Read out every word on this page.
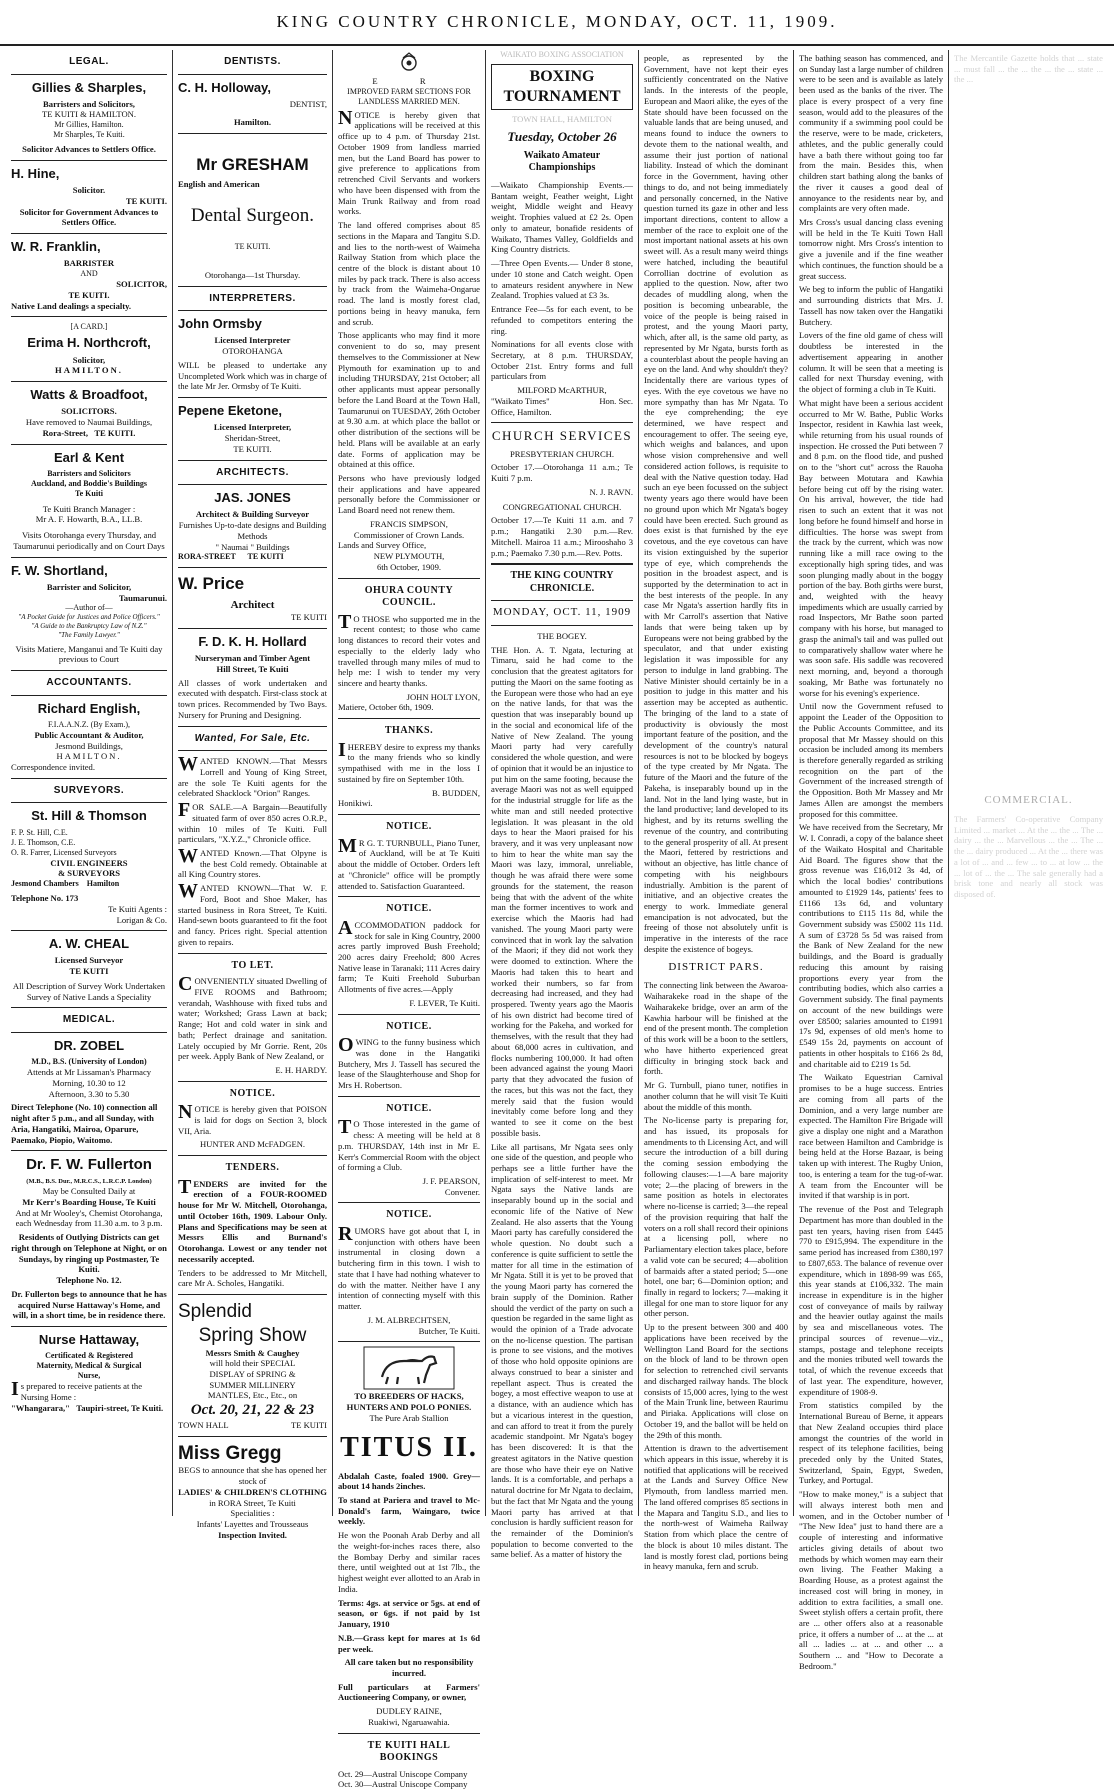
KING COUNTRY CHRONICLE, MONDAY, OCT. 11, 1909.
LEGAL.
Gillies & Sharples,
Barristers and Solicitors,
TE KUITI & HAMILTON.
Mr Gillies, Hamilton.
Mr Sharples, Te Kuiti.
Solicitor Advances to Settlers Office.
H. Hine,
Solicitor.
TE KUITI.
Solicitor for Government Advances to Settlers Office.
W. R. Franklin,
BARRISTER
AND
SOLICITOR,
TE KUITI.
Native Land dealings a specialty.
[A CARD.]
Erima H. Northcroft,
Solicitor,
HAMILTON.
Watts & Broadfoot,
SOLICITORS.
Have removed to Naumai Buildings,
Rora-Street, TE KUITI.
Earl & Kent
Barristers and Solicitors
Auckland, and Boddie's Buildings
Te Kuiti
Te Kuiti Branch Manager :
Mr A. F. Howarth, B.A., LL.B.
Visits Otorohanga every Thursday, and Taumarunui periodically and on Court Days
F. W. Shortland,
Barrister and Solicitor,
Taumarunui.
—Author of—
"A Pocket Guide for Justices and Police Officers."
"A Guide to the Bankruptcy Law of N.Z."
"The Family Lawyer."
Visits Matiere, Manganui and Te Kuiti day previous to Court
ACCOUNTANTS.
Richard English,
F.I.A.A.N.Z. (By Exam.),
Public Accountant & Auditor,
Jesmond Buildings,
HAMILTON.
Correspondence invited.
SURVEYORS.
St. Hill & Thomson
F. P. St. Hill, C.E.
J. E. Thomson, C.E.
O. R. Farrer, Licensed Surveyors
CIVIL ENGINEERS
& SURVEYORS
Jesmond Chambers Hamilton
Telephone No. 173
Te Kuiti Agents :
Lorigan & Co.
A. W. CHEAL
Licensed Surveyor
TE KUITI
All Description of Survey Work Undertaken
Survey of Native Lands a Speciality
MEDICAL.
DR. ZOBEL
M.D., B.S. (University of London)
Attends at Mr Lissaman's Pharmacy Morning, 10.30 to 12
Afternoon, 3.30 to 5.30
Direct Telephone (No. 10) connection all night after 5 p.m., and all Sunday, with Aria, Hangatiki, Mairoa, Oparure, Paemako, Piopio, Waitomo.
Dr. F. W. Fullerton
(M.B., B.S. Dur., M.R.C.S., L.R.C.P. London)
May be Consulted Daily at
Mr Kerr's Boarding House, Te Kuiti
And at Mr Wooley's, Chemist Otorohanga, each Wednesday from 11.30 a.m. to 3 p.m.
Residents of Outlying Districts can get right through on Telephone at Night, or on Sundays, by ringing up Postmaster, Te Kuiti.
Telephone No. 12.
Dr. Fullerton begs to announce that he has acquired Nurse Hattaway's Home, and will, in a short time, be in residence there.
Nurse Hattaway,
Certificated & Registered
Maternity, Medical & Surgical
Nurse,
Is prepared to receive patients at the Nursing Home :
"Whangarara," Taupiri-street, Te Kuiti.
DENTISTS.
C. H. Holloway,
DENTIST,
Hamilton.
Mr GRESHAM
English and American
Dental Surgeon.
TE KUITI.
Otorohanga—1st Thursday.
INTERPRETERS.
John Ormsby
Licensed Interpreter
OTOROHANGA

WILL be pleased to undertake any Uncompleted Work which was in charge of the late Mr Jer. Ormsby of Te Kuiti.

Pepene Eketone,
Licensed Interpreter,
Sheridan-Street,
TE KUITI.
ARCHITECTS.
JAS. JONES
Architect & Building Surveyor
Furnishes Up-to-date designs and Building Methods
" Naumai " Buildings
RORA-STREET TE KUITI
W. Price
Architect
TE KUITI
F. D. K. H. Hollard
Nurseryman and Timber Agent
Hill Street, Te Kuiti

All classes of work undertaken and executed with despatch. First-class stock at town prices. Recommended by Two Bays. Nursery for Pruning and Designing.

Wanted, For Sale, Etc.

WANTED KNOWN.—That Messrs Lorrell and Young of King Street, are the sole Te Kuiti agents for the celebrated Shacklock "Orion" Ranges.

FOR SALE.—A Bargain—Beautifully situated farm of over 850 acres O.R.P., within 10 miles of Te Kuiti. Full particulars, "X.Y.Z.," Chronicle office.

WANTED Known.—That Olpyne is the best Cold remedy. Obtainable at all King Country stores.

WANTED KNOWN—That W. F. Ford, Boot and Shoe Maker, has started business in Rora Street, Te Kuiti. Hand-sewn boots guaranteed to fit the foot and fancy. Prices right. Special attention given to repairs.

TO LET.

CONVENIENTLY situated Dwelling of FIVE ROOMS and Bathroom; verandah, Washhouse with fixed tubs and water; Workshed; Grass Lawn at back; Range; Hot and cold water in sink and bath; Perfect drainage and sanitation. Lately occupied by Mr Gorrie. Rent, 20s per week. Apply Bank of New Zealand, or

E. H. HARDY.
NOTICE.

NOTICE is hereby given that POISON is laid for dogs on Section 3, block VII, Aria.

HUNTER AND McFADGEN.
TENDERS.

TENDERS are invited for the erection of a FOUR-ROOMED house for Mr W. Mitchell, Otorohanga, until October 16th, 1909. Labour Only. Plans and Specifications may be seen at Messrs Ellis and Burnand's Otorohanga. Lowest or any tender not necessarily accepted.

Tenders to be addressed to Mr Mitchell, care Mr A. Scholes, Hangatiki.

Splendid
Spring Show
Messrs Smith & Caughey
will hold their SPECIAL
DISPLAY of SPRING &
SUMMER MILLINERY
MANTLES, Etc., Etc., on
Oct. 20, 21, 22 & 23
TOWN HALL	TE KUITI
Miss Gregg
BEGS to announce that she has opened her stock of
LADIES' & CHILDREN'S CLOTHING
in RORA Street, Te Kuiti
Specialities :
Infants' Layettes and Trousseaus
Inspection Invited.
E R
IMPROVED FARM SECTIONS FOR LANDLESS MARRIED MEN.

NOTICE is hereby given that applications will be received at this office up to 4 p.m. of Thursday 21st. October 1909 from landless married men, but the Land Board has power to give preference to applications from retrenched Civil Servants and workers who have been dispensed with from the Main Trunk Railway and from road works.

The land offered comprises about 85 sections in the Mapara and Tangitu S.D. and lies to the north-west of Waimeha Railway Station from which place the centre of the block is distant about 10 miles by pack track. There is also access by track from the Waimeha-Ongarue road. The land is mostly forest clad, portions being in heavy manuka, fern and scrub.

Those applicants who may find it more convenient to do so, may present themselves to the Commissioner at New Plymouth for examination up to and including THURSDAY, 21st October; all other applicants must appear personally before the Land Board at the Town Hall, Taumarunui on TUESDAY, 26th October at 9.30 a.m. at which place the ballot or other distribution of the sections will be held. Plans will be available at an early date. Forms of application may be obtained at this office.

Persons who have previously lodged their applications and have appeared personally before the Commissioner or Land Board need not renew them.

FRANCIS SIMPSON,
Commissioner of Crown Lands.
Lands and Survey Office,
NEW PLYMOUTH,
6th October, 1909.
OHURA COUNTY COUNCIL.

TO THOSE who supported me in the recent contest; to those who came long distances to record their votes and especially to the elderly lady who travelled through many miles of mud to help me: I wish to tender my very sincere and hearty thanks.

JOHN HOLT LYON,
Matiere, October 6th, 1909.
THANKS.

IHEREBY desire to express my thanks to the many friends who so kindly sympathised with me in the loss I sustained by fire on September 10th.

B. BUDDEN,
Honikiwi.
NOTICE.

MR G. T. TURNBULL, Piano Tuner, of Auckland, will be at Te Kuiti about the middle of October. Orders left at "Chronicle" office will be promptly attended to. Satisfaction Guaranteed.

NOTICE.

ACCOMMODATION paddock for stock for sale in King Country, 2000 acres partly improved Bush Freehold; 200 acres dairy Freehold; 800 Acres Native lease in Taranaki; 111 Acres dairy farm; Te Kuiti Freehold Suburban Allotments of five acres.—Apply

F. LEVER, Te Kuiti.
NOTICE.

OWING to the funny business which was done in the Hangatiki Butchery, Mrs J. Tassell has secured the lease of the Slaughterhouse and Shop for Mrs H. Robertson.

NOTICE.

TO Those interested in the game of chess: A meeting will be held at 8 p.m. THURSDAY, 14th inst in Mr E. Kerr's Commercial Room with the object of forming a Club.

J. F. PEARSON,
Convener.
NOTICE.

RUMORS have got about that I, in conjunction with others have been instrumental in closing down a butchering firm in this town. I wish to state that I have had nothing whatever to do with the matter. Neither have I any intention of connecting myself with this matter.

J. M. ALBRECHTSEN,
Butcher, Te Kuiti.
TO BREEDERS OF HACKS, HUNTERS AND POLO PONIES.
The Pure Arab Stallion
TITUS II.

Abdalah Caste, foaled 1900. Grey—about 14 hands 2inches.

To stand at Pariera and travel to Mc-Donald's farm, Waingaro, twice weekly.

He won the Poonah Arab Derby and all the weight-for-inches races there, also the Bombay Derby and similar races there, until weighted out at 1st 7lb., the highest weight ever allotted to an Arab in India.

Terms: 4gs. at service or 5gs. at end of season, or 6gs. if not paid by 1st January, 1910

N.B.—Grass kept for mares at 1s 6d per week.

All care taken but no responsibility incurred.

Full particulars at Farmers' Auctioneering Company, or owner,

DUDLEY RAINE,
Ruakiwi, Ngaruawahia.
TE KUITI HALL BOOKINGS
Oct. 29—Austral Uniscope Company
Oct. 30—Austral Uniscope Company
WAIKATO BOXING ASSOCIATION
BOXING TOURNAMENT
TOWN HALL, HAMILTON
Tuesday, October 26
Waikato Amateur Championships

—Waikato Championship Events.— Bantam weight, Feather weight, Light weight, Middle weight and Heavy weight. Trophies valued at £2 2s. Open only to amateur, bonafide residents of Waikato, Thames Valley, Goldfields and King Country districts.

—Three Open Events.— Under 8 stone, under 10 stone and Catch weight. Open to amateurs resident anywhere in New Zealand. Trophies valued at £3 3s.

Entrance Fee—5s for each event, to be refunded to competitors entering the ring.

Nominations for all events close with Secretary, at 8 p.m. THURSDAY, October 21st. Entry forms and full particulars from

MILFORD McARTHUR,
"Waikato Times"	Hon. Sec.
Office, Hamilton.
CHURCH SERVICES
PRESBYTERIAN CHURCH.

October 17.—Otorohanga 11 a.m.; Te Kuiti 7 p.m.

N. J. RAVN.
CONGREGATIONAL CHURCH.

October 17.—Te Kuiti 11 a.m. and 7 p.m.; Hangatiki 2.30 p.m.—Rev. Mitchell. Mairoa 11 a.m.; Mirooshaho 3 p.m.; Paemako 7.30 p.m.—Rev. Potts.

THE KING COUNTRY CHRONICLE.
MONDAY, OCT. 11, 1909
THE BOGEY.

THE Hon. A. T. Ngata, lecturing at Timaru, said he had come to the conclusion that the greatest agitators for putting the Maori on the same footing as the European were those who had an eye on the native lands, for that was the question that was inseparably bound up in the social and economical life of the Native of New Zealand. The young Maori party had very carefully considered the whole question, and were of opinion that it would be an injustice to put him on the same footing, because the average Maori was not as well equipped for the industrial struggle for life as the white man and still needed protective legislation. It was pleasant in the old days to hear the Maori praised for his bravery, and it was very unpleasant now to him to hear the white man say the Maori was lazy, immoral, unreliable, though he was afraid there were some grounds for the statement, the reason being that with the advent of the white man the former incentives to work and exercise which the Maoris had had vanished. The young Maori party were convinced that in work lay the salvation of the Maori; if they did not work they were doomed to extinction. Where the Maoris had taken this to heart and worked their numbers, so far from decreasing had increased, and they had prospered. Twenty years ago the Maoris of his own district had become tired of working for the Pakeha, and worked for themselves, with the result that they had about 68,000 acres in cultivation, and flocks numbering 100,000. It had often been advanced against the young Maori party that they advocated the fusion of the races, but this was not the fact, they merely said that the fusion would inevitably come before long and they wanted to see it come on the best possible basis.

Like all partisans, Mr Ngata sees only one side of the question, and people who perhaps see a little further have the implication of self-interest to meet. Mr Ngata says the Native lands are inseparably bound up in the social and economic life of the Native of New Zealand. He also asserts that the Young Maori party has carefully considered the whole question. No doubt such a conference is quite sufficient to settle the matter for all time in the estimation of Mr Ngata. Still it is yet to be proved that the young Maori party has cornered the brain supply of the Dominion. Rather should the verdict of the party on such a question be regarded in the same light as would the opinion of a Trade advocate on the no-license question. The partisan is prone to see visions, and the motives of those who hold opposite opinions are always construed to bear a sinister and repellant aspect. Thus is created the bogey, a most effective weapon to use at a distance, with an audience which has but a vicarious interest in the question, and can afford to treat it from the purely academic standpoint. Mr Ngata's bogey has been discovered: It is that the greatest agitators in the Native question are those who have their eye on Native lands. It is a comfortable, and perhaps a natural doctrine for Mr Ngata to declaim, but the fact that Mr Ngata and the young Maori party has arrived at that conclusion is hardly sufficient reason for the remainder of the Dominion's population to become converted to the same belief. As a matter of history the

people, as represented by the Government, have not kept their eyes sufficiently concentrated on the Native lands. In the interests of the people, European and Maori alike, the eyes of the State should have been focussed on the valuable lands that are being unused, and means found to induce the owners to devote them to the national wealth, and assume their just portion of national liability. Instead of which the dominant force in the Government, having other things to do, and not being immediately and personally concerned, in the Native question turned its gaze in other and less important directions, content to allow a member of the race to exploit one of the most important national assets at his own sweet will. As a result many weird things were hatched, including the beautiful Corrollian doctrine of evolution as applied to the question. Now, after two decades of muddling along, when the position is becoming unbearable, the voice of the people is being raised in protest, and the young Maori party, which, after all, is the same old party, as represented by Mr Ngata, bursts forth as a counterblast about the people having an eye on the land. And why shouldn't they? Incidentally there are various types of eyes. With the eye covetous we have no more sympathy than has Mr Ngata. To the eye comprehending; the eye determined, we have respect and encouragement to offer. The seeing eye, which weighs and balances, and upon whose vision comprehensive and well considered action follows, is requisite to deal with the Native question today. Had such an eye been focussed on the subject twenty years ago there would have been no ground upon which Mr Ngata's bogey could have been erected. Such ground as does exist is that furnished by the eye covetous, and the eye covetous can have its vision extinguished by the superior type of eye, which comprehends the position in the broadest aspect, and is supported by the determination to act in the best interests of the people. In any case Mr Ngata's assertion hardly fits in with Mr Carroll's assertion that Native lands that were being taken up by Europeans were not being grabbed by the speculator, and that under existing legislation it was impossible for any person to indulge in land grabbing. The Native Minister should certainly be in a position to judge in this matter and his assertion may be accepted as authentic. The bringing of the land to a state of productivity is obviously the most important feature of the position, and the development of the country's natural resources is not to be blocked by bogeys of the type created by Mr Ngata. The future of the Maori and the future of the Pakeha, is inseparably bound up in the land. Not in the land lying waste, but in the land productive; land developed to its highest, and by its returns swelling the revenue of the country, and contributing to the general prosperity of all. At present the Maori, fettered by restrictions and without an objective, has little chance of competing with his neighbours industrially. Ambition is the parent of initiative, and an objective creates the energy to work. Immediate general emancipation is not advocated, but the freeing of those not absolutely unfit is imperative in the interests of the race despite the existence of bogeys.

DISTRICT PARS.

The connecting link between the Awaroa-Waiharakeke road in the shape of the Waiharakeke bridge, over an arm of the Kawhia harbour will be finished at the end of the present month. The completion of this work will be a boon to the settlers, who have hitherto experienced great difficulty in bringing stock back and forth.

Mr G. Turnbull, piano tuner, notifies in another column that he will visit Te Kuiti about the middle of this month.

The No-license party is preparing for, and has issued, its proposals for amendments to th Licensing Act, and will secure the introduction of a bill during the coming session embodying the following clauses:—1—A bare majority vote; 2—the placing of brewers in the same position as hotels in electorates where no-license is carried; 3—the repeal of the provision requiring that half the voters on a roll shall record their opinions at a licensing poll, where no Parliamentary election takes place, before a valid vote can be secured; 4—abolition of barmaids after a stated period; 5—one hotel, one bar; 6—Dominion option; and finally in regard to lockers; 7—making it illegal for one man to store liquor for any other person.

Up to the present between 300 and 400 applications have been received by the Wellington Land Board for the sections on the block of land to be thrown open for selection to retrenched civil servants and discharged railway hands. The block consists of 15,000 acres, lying to the west of the Main Trunk line, between Raurimu and Piriaka. Applications will close on October 19, and the ballot will be held on the 29th of this month.

Attention is drawn to the advertisement which appears in this issue, whereby it is notified that applications will be received at the Lands and Survey Office New Plymouth, from landless married men. The land offered comprises 85 sections in the Mapara and Tangitu S.D., and lies to the north-west of Waimeha Railway Station from which place the centre of the block is about 10 miles distant. The land is mostly forest clad, portions being in heavy manuka, fern and scrub.

The bathing season has commenced, and on Sunday last a large number of children were to be seen and is available as lately been used as the banks of the river. The place is every prospect of a very fine season, would add to the pleasures of the community if a swimming pool could be the reserve, were to be made, cricketers, athletes, and the public generally could have a bath there without going too far from the main. Besides this, when children start bathing along the banks of the river it causes a good deal of annoyance to the residents near by, and complaints are very often made.

Mrs Cross's usual dancing class evening will be held in the Te Kuiti Town Hall tomorrow night. Mrs Cross's intention to give a juvenile and if the fine weather which continues, the function should be a great success.

We beg to inform the public of Hangatiki and surrounding districts that Mrs. J. Tassell has now taken over the Hangatiki Butchery.

Lovers of the fine old game of chess will doubtless be interested in the advertisement appearing in another column. It will be seen that a meeting is called for next Thursday evening, with the object of forming a club in Te Kuiti.

What might have been a serious accident occurred to Mr W. Bathe, Public Works Inspector, resident in Kawhia last week, while returning from his usual rounds of inspection. He crossed the Puti between 7 and 8 p.m. on the flood tide, and pushed on to the "short cut" across the Rauoha Bay between Motutara and Kawhia before being cut off by the rising water. On his arrival, however, the tide had risen to such an extent that it was not long before he found himself and horse in difficulties. The horse was swept from the track by the current, which was now running like a mill race owing to the exceptionally high spring tides, and was soon plunging madly about in the boggy portion of the bay. Both girths were burst, and, weighted with the heavy impediments which are usually carried by road Inspectors, Mr Bathe soon parted company with his horse, but managed to grasp the animal's tail and was pulled out to comparatively shallow water where he was soon safe. His saddle was recovered next morning, and, beyond a thorough soaking, Mr Bathe was fortunately no worse for his evening's experience.

Until now the Government refused to appoint the Leader of the Opposition to the Public Accounts Committee, and its proposal that Mr Massey should on this occasion be included among its members is therefore generally regarded as striking recognition on the part of the Government of the increased strength of the Opposition. Both Mr Massey and Mr James Allen are amongst the members proposed for this committee.

We have received from the Secretary, Mr W. I. Conradi, a copy of the balance sheet of the Waikato Hospital and Charitable Aid Board. The figures show that the gross revenue was £16,012 3s 4d, of which the local bodies' contributions amounted to £1929 14s, patients' fees to £1166 13s 6d, and voluntary contributions to £115 11s 8d, while the Government subsidy was £5002 11s 11d. A sum of £3728 5s 5d was raised from the Bank of New Zealand for the new buildings, and the Board is gradually reducing this amount by raising proportions every year from the contributing bodies, which also carries a Government subsidy. The final payments on account of the new buildings were over £8500; salaries amounted to £1991 17s 9d, expenses of old men's home to £549 15s 2d, payments on account of patients in other hospitals to £166 2s 8d, and charitable aid to £219 1s 5d.

The Waikato Equestrian Carnival promises to be a huge success. Entries are coming from all parts of the Dominion, and a very large number are expected. The Hamilton Fire Brigade will give a display one night and a Marathon race between Hamilton and Cambridge is being held at the Horse Bazaar, is being taken up with interest. The Rugby Union, too, is entering a team for the tug-of-war. A team from the Encounter will be invited if that warship is in port.

The revenue of the Post and Telegraph Department has more than doubled in the past ten years, having risen from £445 770 to £915,994. The expenditure in the same period has increased from £380,197 to £807,653. The balance of revenue over expenditure, which in 1898-99 was £65, this year stands at £106,332. The main increase in expenditure is in the higher cost of conveyance of mails by railway and the heavier outlay against the mails by sea and miscellaneous votes. The principal sources of revenue—viz., stamps, postage and telephone receipts and the monies tributed well towards the total, of which the revenue exceeds that of last year. The expenditure, however, expenditure of 1908-9.

From statistics compiled by the International Bureau of Berne, it appears that New Zealand occupies third place amongst the countries of the world in respect of its telephone facilities, being preceded only by the United States, Switzerland, Spain, Egypt, Sweden, Turkey, and Portugal.

"How to make money," is a subject that will always interest both men and women, and in the October number of "The New Idea" just to hand there are a couple of interesting and informative articles giving details of about two methods by which women may earn their own living. The Feather Making a Boarding House, as a protest against the increased cost will bring in money, in addition to extra facilities, a small one. Sweet stylish offers a certain profit, there are ... other offers also at a reasonable price, it offers a number of ... at the ... at all ... ladies ... at ... and other ... a Southern ... and "How to Decorate a Bedroom."

The Mercantile Gazette holds that ... state ... must fall ... the ... the ... the ... state ... the ...

COMMERCIAL.

The Farmers' Co-operative Company Limited ... market ... At the ... the ... The ... dairy ... the ... Marvellous ... the ... The ... the ... dairy produced ... At the ... there was a lot of ... and ... few ... to ... at low ... the ... lot of ... the ... The sale generally had a brisk tone and nearly all stock was disposed of.
